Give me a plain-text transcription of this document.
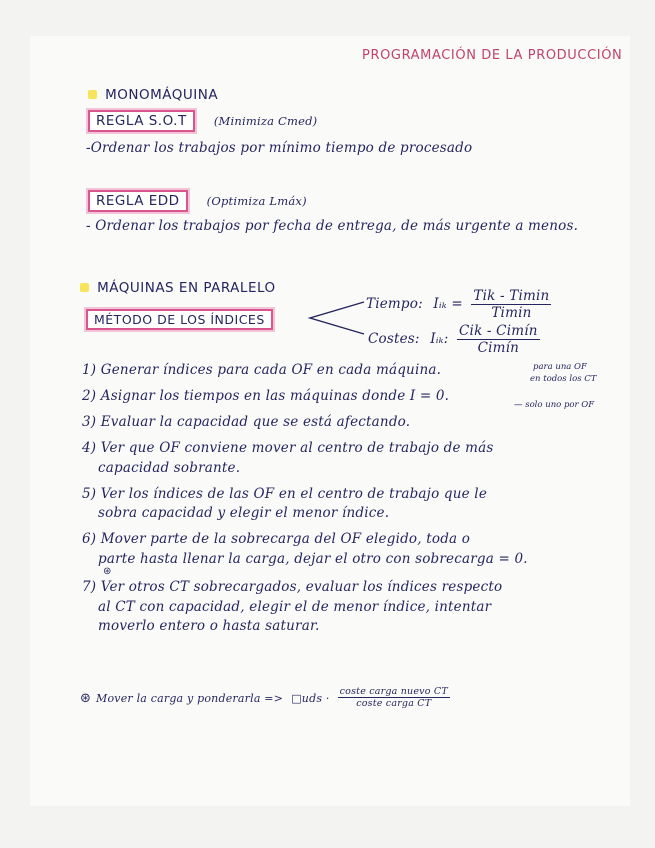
PROGRAMACIÓN DE LA PRODUCCIÓN
MONOMÁQUINA
REGLA S.O.T (Minimiza Cmed)
-Ordenar los trabajos por mínimo tiempo de procesado
REGLA EDD (Optimiza Lmáx)
- Ordenar los trabajos por fecha de entrega, de más urgente a menos.
MÁQUINAS EN PARALELO
MÉTODO DE LOS ÍNDICES
Tiempo: Iᵢₖ = $\frac{\text{Tik - Timin}}{Timin}$
Costes: Iᵢₖ: $\frac{\text{Cik - Cimín}}{\text{Cimín}}$
para una OF
en todos los CT
— solo uno por OF
1) Generar índices para cada OF en cada máquina.
2) Asignar los tiempos en las máquinas donde I = 0.
3) Evaluar la capacidad que se está afectando.
4) Ver que OF conviene mover al centro de trabajo de más
capacidad sobrante.
5) Ver los índices de las OF en el centro de trabajo que le
sobra capacidad y elegir el menor índice.
6) Mover parte de la sobrecarga del OF elegido, toda o
parte hasta llenar la carga, dejar el otro con sobrecarga = 0.
⊛
7) Ver otros CT sobrecargados, evaluar los índices respecto
al CT con capacidad, elegir el de menor índice, intentar
moverlo entero o hasta saturar.
⊛ Mover la carga y ponderarla => □uds · $\frac{\text{coste carga nuevo CT}}{\text{coste carga CT}}$
